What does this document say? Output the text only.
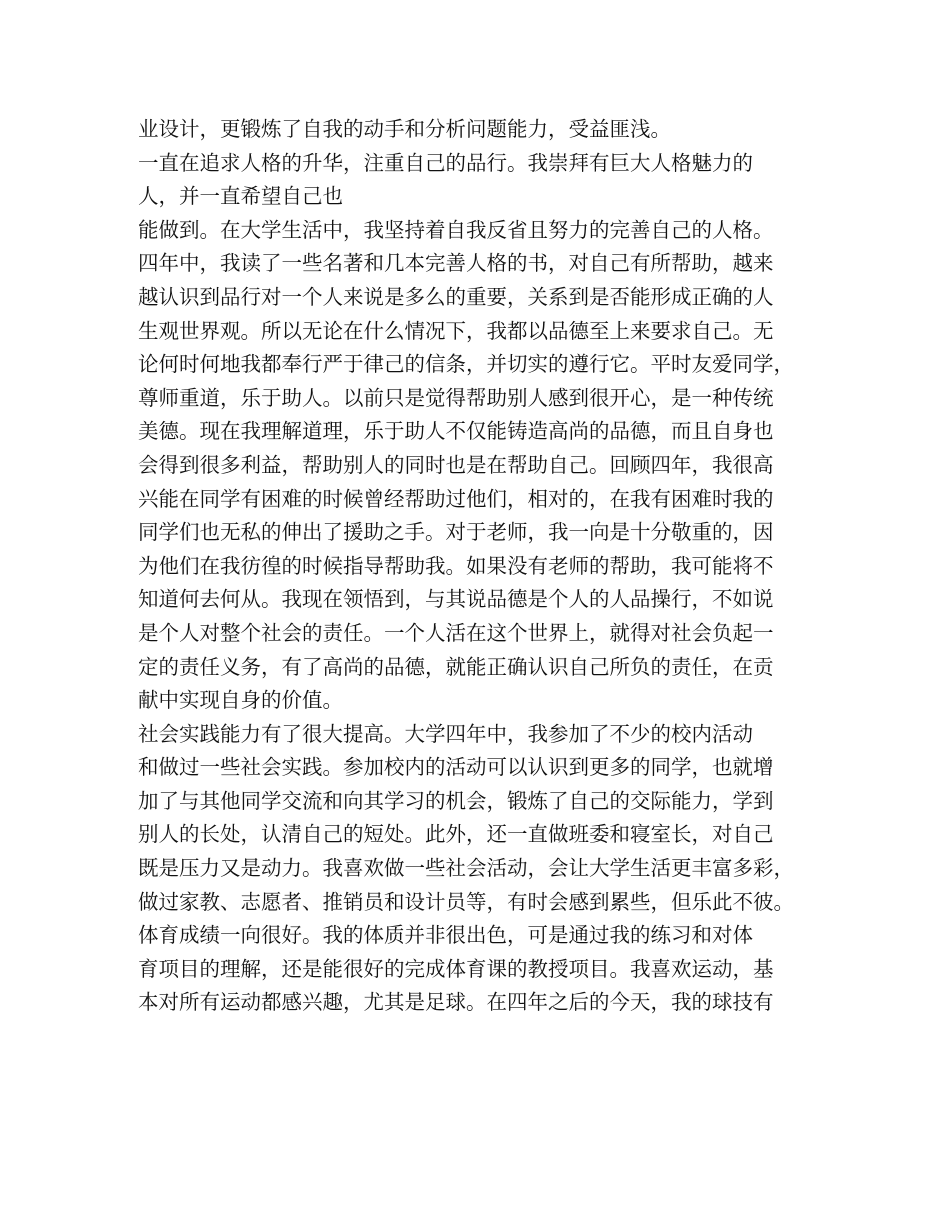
业设计，更锻炼了自我的动手和分析问题能力，受益匪浅。
一直在追求人格的升华，注重自己的品行。我崇拜有巨大人格魅力的
人，并一直希望自己也
能做到。在大学生活中，我坚持着自我反省且努力的完善自己的人格。
四年中，我读了一些名著和几本完善人格的书，对自己有所帮助，越来
越认识到品行对一个人来说是多么的重要，关系到是否能形成正确的人
生观世界观。所以无论在什么情况下，我都以品德至上来要求自己。无
论何时何地我都奉行严于律己的信条，并切实的遵行它。平时友爱同学，
尊师重道，乐于助人。以前只是觉得帮助别人感到很开心，是一种传统
美德。现在我理解道理，乐于助人不仅能铸造高尚的品德，而且自身也
会得到很多利益，帮助别人的同时也是在帮助自己。回顾四年，我很高
兴能在同学有困难的时候曾经帮助过他们，相对的，在我有困难时我的
同学们也无私的伸出了援助之手。对于老师，我一向是十分敬重的，因
为他们在我彷徨的时候指导帮助我。如果没有老师的帮助，我可能将不
知道何去何从。我现在领悟到，与其说品德是个人的人品操行，不如说
是个人对整个社会的责任。一个人活在这个世界上，就得对社会负起一
定的责任义务，有了高尚的品德，就能正确认识自己所负的责任，在贡
献中实现自身的价值。
社会实践能力有了很大提高。大学四年中，我参加了不少的校内活动
和做过一些社会实践。参加校内的活动可以认识到更多的同学，也就增
加了与其他同学交流和向其学习的机会，锻炼了自己的交际能力，学到
别人的长处，认清自己的短处。此外，还一直做班委和寝室长，对自己
既是压力又是动力。我喜欢做一些社会活动，会让大学生活更丰富多彩，
做过家教、志愿者、推销员和设计员等，有时会感到累些，但乐此不彼。
体育成绩一向很好。我的体质并非很出色，可是通过我的练习和对体
育项目的理解，还是能很好的完成体育课的教授项目。我喜欢运动，基
本对所有运动都感兴趣，尤其是足球。在四年之后的今天，我的球技有
